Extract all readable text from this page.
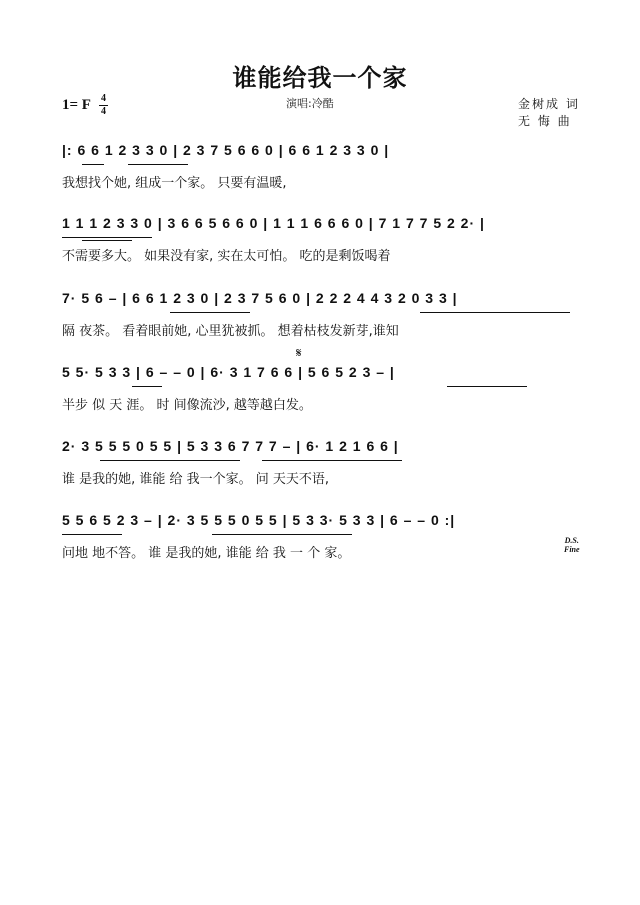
谁能给我一个家
1= F 4
4
演唱:冷酷	金树成 词
无 悔 曲
|: 6 6 1 2 3 3 0 | 2 3 7 5 6 6 0 | 6 6 1 2 3 3 0 |
我想找个她, 组成一个家。 只要有温暖,
1 1 1 2 3 3 0 | 3 6 6 5 6 6 0 | 1 1 1 6 6 6 0 | 7 1 7 7 5 2 2· |
不需要多大。 如果没有家, 实在太可怕。 吃的是剩饭喝着
7· 5 6 – | 6 6 1 2 3 0 | 2 3 7 5 6 0 | 2 2 2 4 4 3 2 0 3 3 |
隔 夜茶。 看着眼前她, 心里犹被抓。 想着枯枝发新芽,谁知
𝄋
5 5· 5 3 3 | 6 – – 0 | 6· 3 1 7 6 6 | 5 6 5 2 3 – |
半步 似 天 涯。 时 间像流沙, 越等越白发。
2· 3 5 5 5 0 5 5 | 5 3 3 6 7 7 7 – | 6· 1 2 1 6 6 |
谁 是我的她, 谁能 给 我一个家。 问 天天不语,
5 5 6 5 2 3 – | 2· 3 5 5 5 0 5 5 | 5 3 3· 5 3 3 | 6 – – 0 :|
问地 地不答。 谁 是我的她, 谁能 给 我 一 个 家。
D.S.
Fine
